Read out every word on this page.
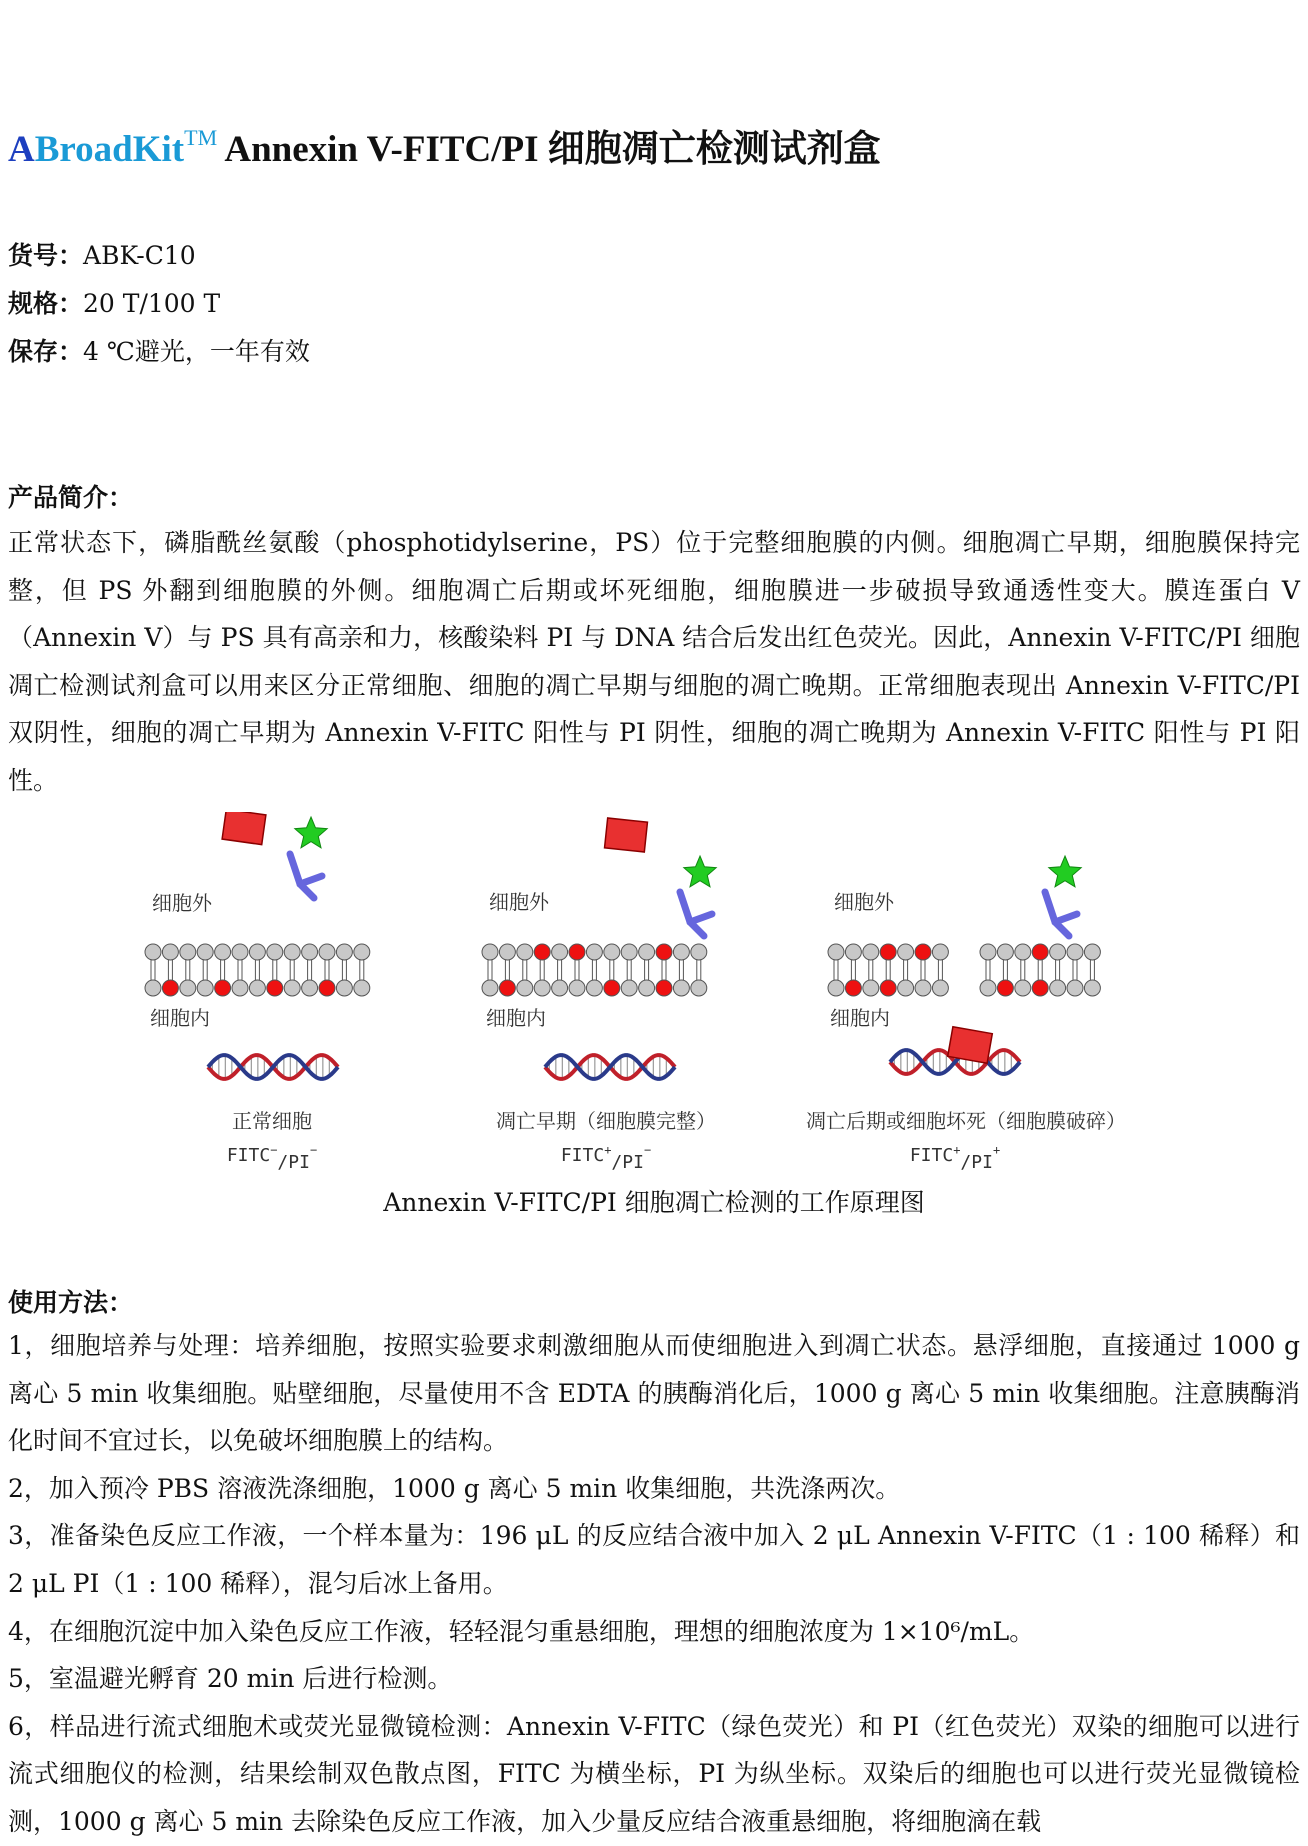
ABroadKit™ Annexin V-FITC/PI 细胞凋亡检测试剂盒
货号：ABK-C10
规格：20 T/100 T
保存：4 ℃避光，一年有效
产品简介：
正常状态下，磷脂酰丝氨酸（phosphotidylserine，PS）位于完整细胞膜的内侧。细胞凋亡早期，细胞膜保持完整，但 PS 外翻到细胞膜的外侧。细胞凋亡后期或坏死细胞，细胞膜进一步破损导致通透性变大。膜连蛋白 V（Annexin V）与 PS 具有高亲和力，核酸染料 PI 与 DNA 结合后发出红色荧光。因此，Annexin V-FITC/PI 细胞凋亡检测试剂盒可以用来区分正常细胞、细胞的凋亡早期与细胞的凋亡晚期。正常细胞表现出 Annexin V-FITC/PI 双阴性，细胞的凋亡早期为 Annexin V-FITC 阳性与 PI 阴性，细胞的凋亡晚期为 Annexin V-FITC 阳性与 PI 阳性。
细胞外
细胞内
正常细胞
FITC−/PI−
细胞外
细胞内
凋亡早期（细胞膜完整）
FITC+/PI−
细胞外
细胞内
凋亡后期或细胞坏死（细胞膜破碎）
FITC+/PI+
Annexin V-FITC/PI 细胞凋亡检测的工作原理图
使用方法：

1，细胞培养与处理：培养细胞，按照实验要求刺激细胞从而使细胞进入到凋亡状态。悬浮细胞，直接通过 1000 g 离心 5 min 收集细胞。贴壁细胞，尽量使用不含 EDTA 的胰酶消化后，1000 g 离心 5 min 收集细胞。注意胰酶消化时间不宜过长，以免破坏细胞膜上的结构。

2，加入预冷 PBS 溶液洗涤细胞，1000 g 离心 5 min 收集细胞，共洗涤两次。

3，准备染色反应工作液，一个样本量为：196 μL 的反应结合液中加入 2 μL Annexin V-FITC（1 : 100 稀释）和 2 μL PI（1 : 100 稀释），混匀后冰上备用。

4，在细胞沉淀中加入染色反应工作液，轻轻混匀重悬细胞，理想的细胞浓度为 1×10⁶/mL。

5，室温避光孵育 20 min 后进行检测。

6，样品进行流式细胞术或荧光显微镜检测：Annexin V-FITC（绿色荧光）和 PI（红色荧光）双染的细胞可以进行流式细胞仪的检测，结果绘制双色散点图，FITC 为横坐标，PI 为纵坐标。双染后的细胞也可以进行荧光显微镜检测，1000 g 离心 5 min 去除染色反应工作液，加入少量反应结合液重悬细胞，将细胞滴在载
